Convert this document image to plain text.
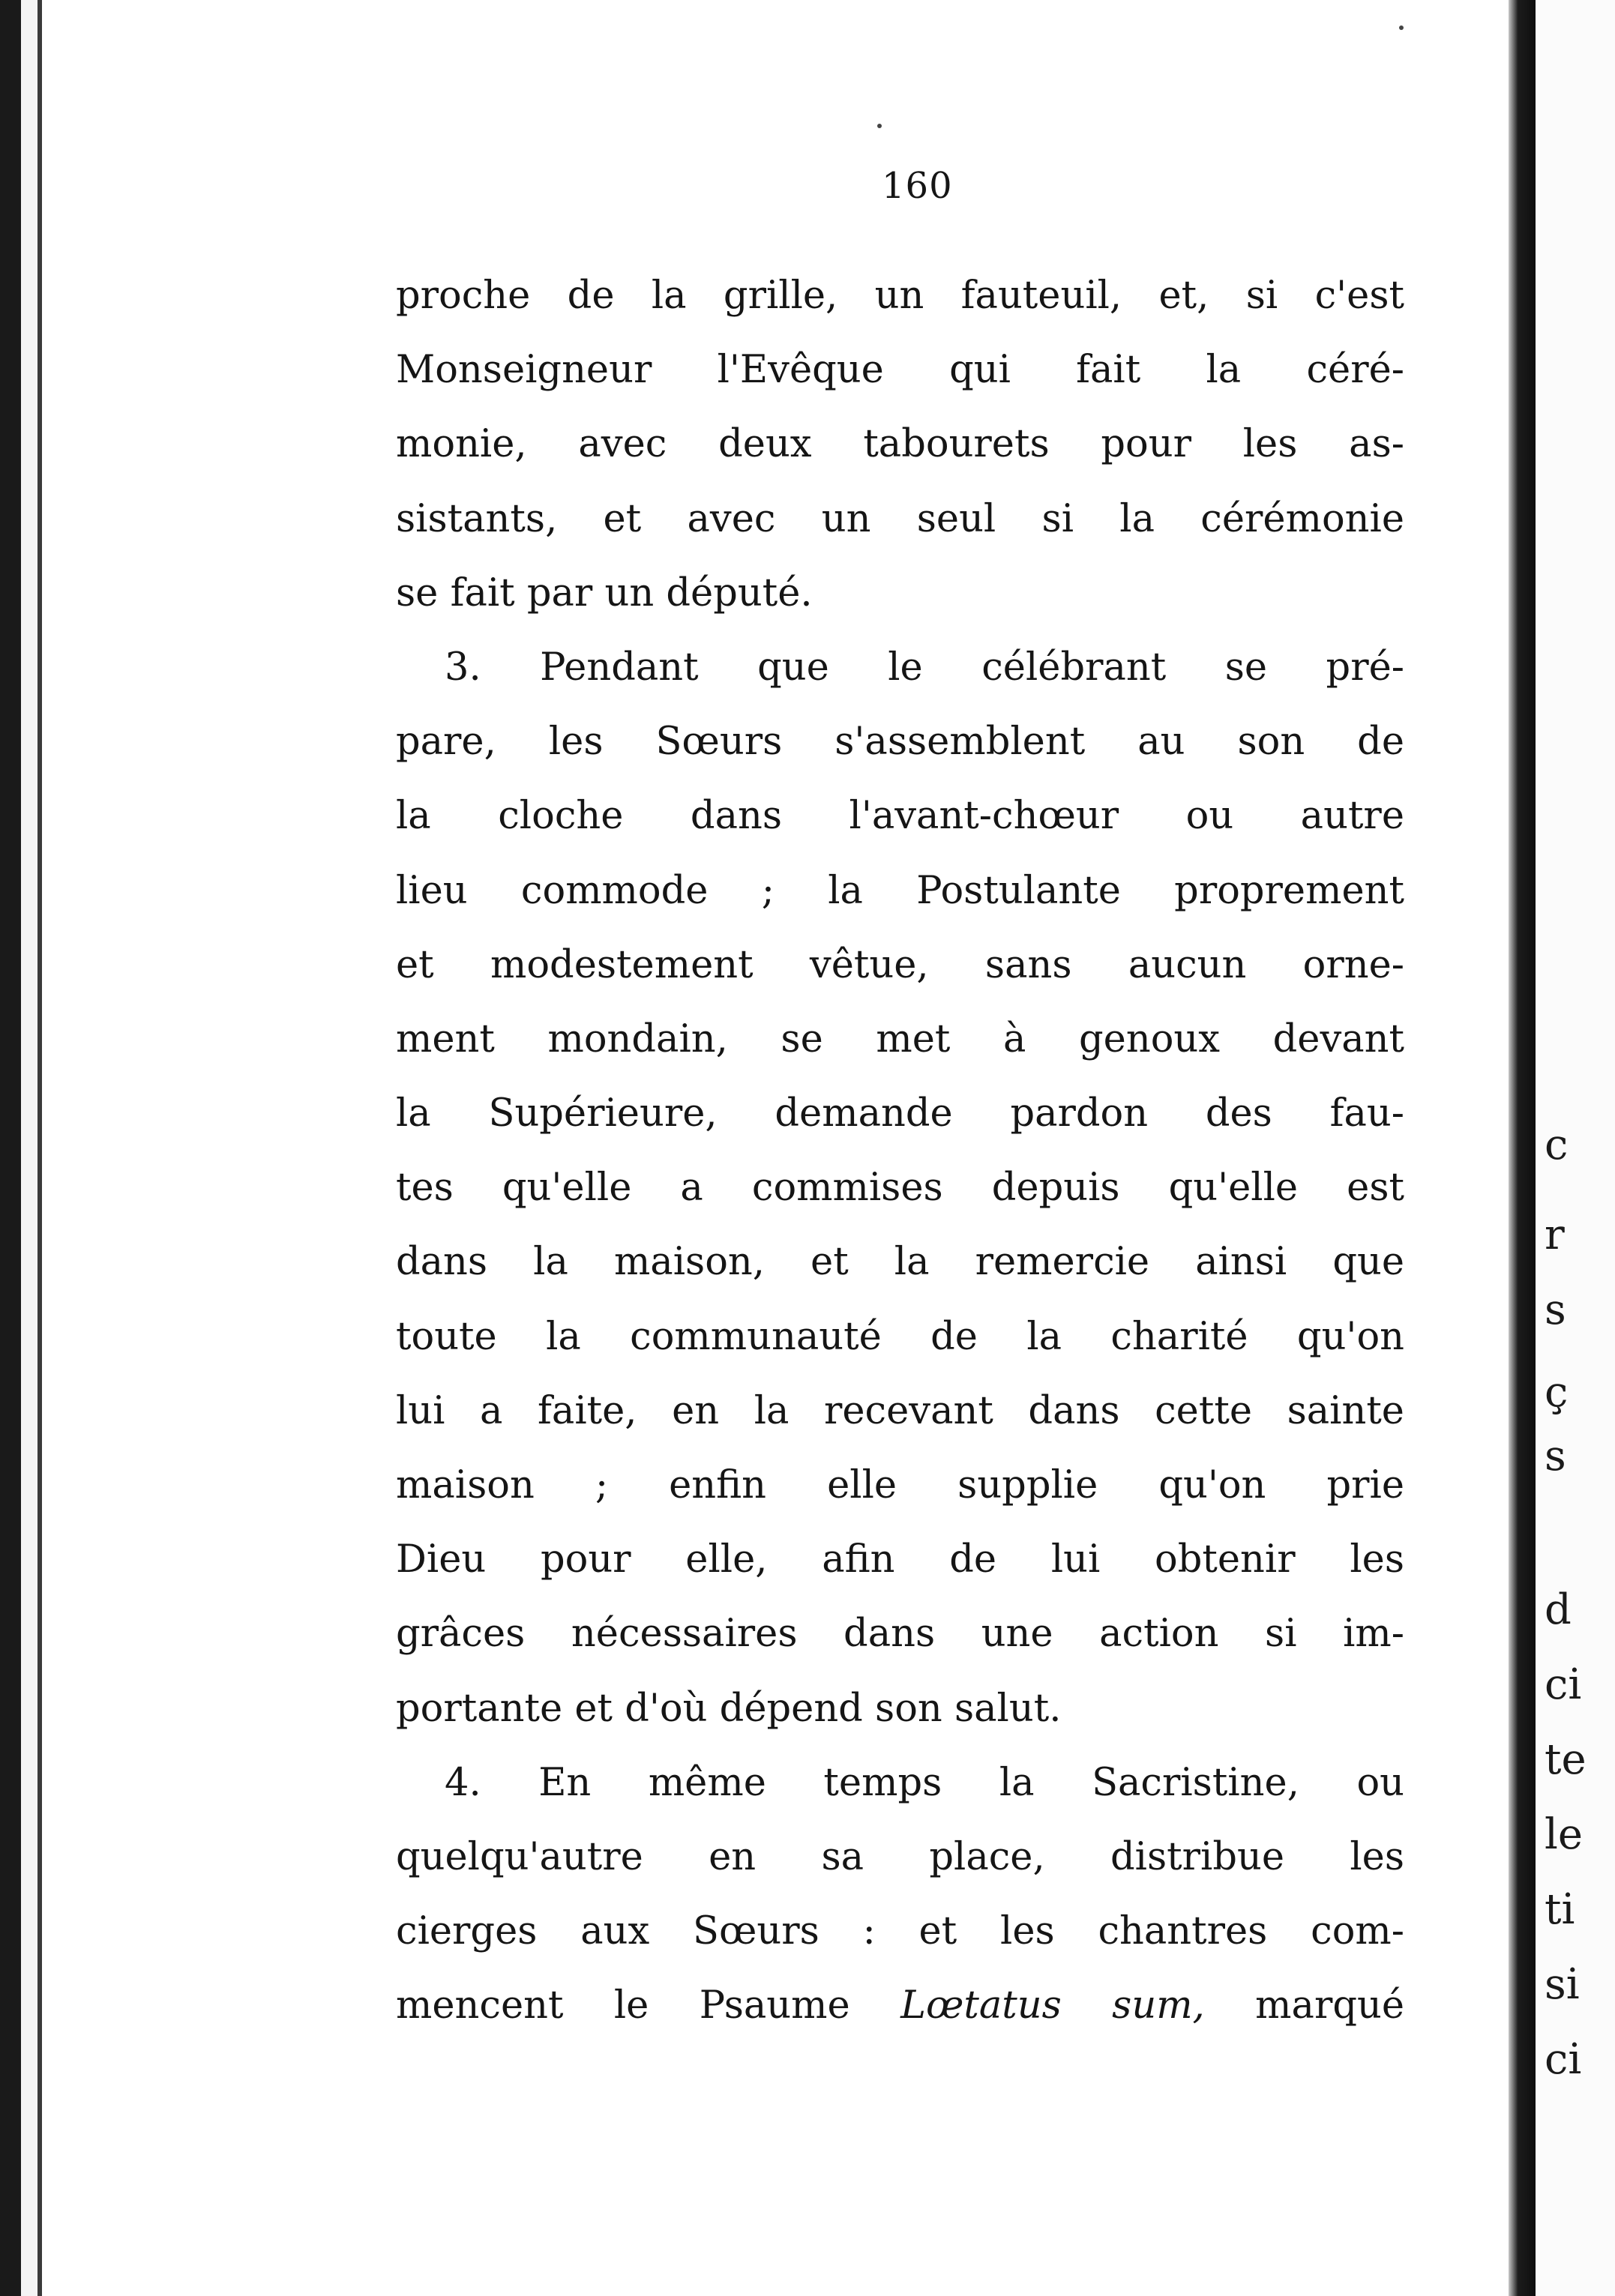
160
proche de la grille, un fauteuil, et, si c'est
Monseigneur l'Evêque qui fait la céré-
monie, avec deux tabourets pour les as-
sistants, et avec un seul si la cérémonie
se fait par un député.
3. Pendant que le célébrant se pré-
pare, les Sœurs s'assemblent au son de
la cloche dans l'avant-chœur ou autre
lieu commode ; la Postulante proprement
et modestement vêtue, sans aucun orne-
ment mondain, se met à genoux devant
la Supérieure, demande pardon des fau-
tes qu'elle a commises depuis qu'elle est
dans la maison, et la remercie ainsi que
toute la communauté de la charité qu'on
lui a faite, en la recevant dans cette sainte
maison ; enfin elle supplie qu'on prie
Dieu pour elle, afin de lui obtenir les
grâces nécessaires dans une action si im-
portante et d'où dépend son salut.
4. En même temps la Sacristine, ou
quelqu'autre en sa place, distribue les
cierges aux Sœurs : et les chantres com-
mencent le Psaume Lœtatus sum, marqué
c
r
s
ç
s
d
ci
te
le
ti
si
ci
